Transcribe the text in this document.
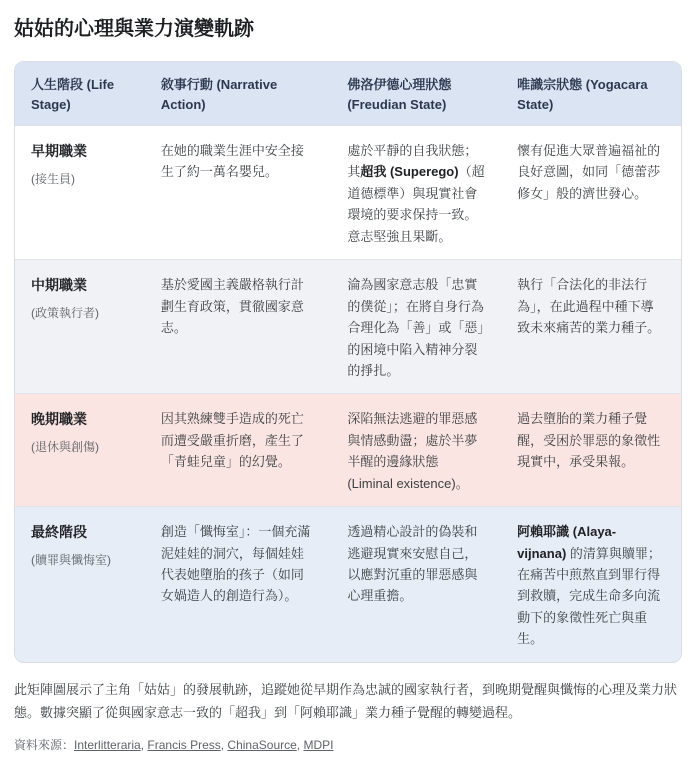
姑姑的心理與業力演變軌跡
人生階段 (Life Stage)	敘事行動 (Narrative Action)	佛洛伊德心理狀態 (Freudian State)	唯識宗狀態 (Yogacara State)

早期職業
(接生員)	在她的職業生涯中安全接生了約一萬名嬰兒。	處於平靜的自我狀態；其超我 (Superego)（超道德標準）與現實社會環境的要求保持一致。意志堅強且果斷。	懷有促進大眾普遍福祉的良好意圖，如同「德蕾莎修女」般的濟世發心。

中期職業
(政策執行者)	基於愛國主義嚴格執行計劃生育政策，貫徹國家意志。	淪為國家意志般「忠實的僕從」；在將自身行為合理化為「善」或「惡」的困境中陷入精神分裂的掙扎。	執行「合法化的非法行為」，在此過程中種下導致未來痛苦的業力種子。

晚期職業
(退休與創傷)	因其熟練雙手造成的死亡而遭受嚴重折磨，產生了「青蛙兒童」的幻覺。	深陷無法逃避的罪惡感與情感動盪；處於半夢半醒的邊緣狀態 (Liminal existence)。	過去墮胎的業力種子覺醒，受困於罪惡的象徵性現實中，承受果報。

最終階段
(贖罪與懺悔室)	創造「懺悔室」：一個充滿泥娃娃的洞穴，每個娃娃代表她墮胎的孩子（如同女媧造人的創造行為）。	透過精心設計的偽裝和逃避現實來安慰自己，以應對沉重的罪惡感與心理重擔。	阿賴耶識 (Alaya-vijnana) 的清算與贖罪；在痛苦中煎熬直到罪行得到救贖，完成生命多向流動下的象徵性死亡與重生。

此矩陣圖展示了主角「姑姑」的發展軌跡，追蹤她從早期作為忠誠的國家執行者，到晚期覺醒與懺悔的心理及業力狀態。數據突顯了從與國家意志一致的「超我」到「阿賴耶識」業力種子覺醒的轉變過程。

資料來源：Interlitteraria, Francis Press, ChinaSource, MDPI
